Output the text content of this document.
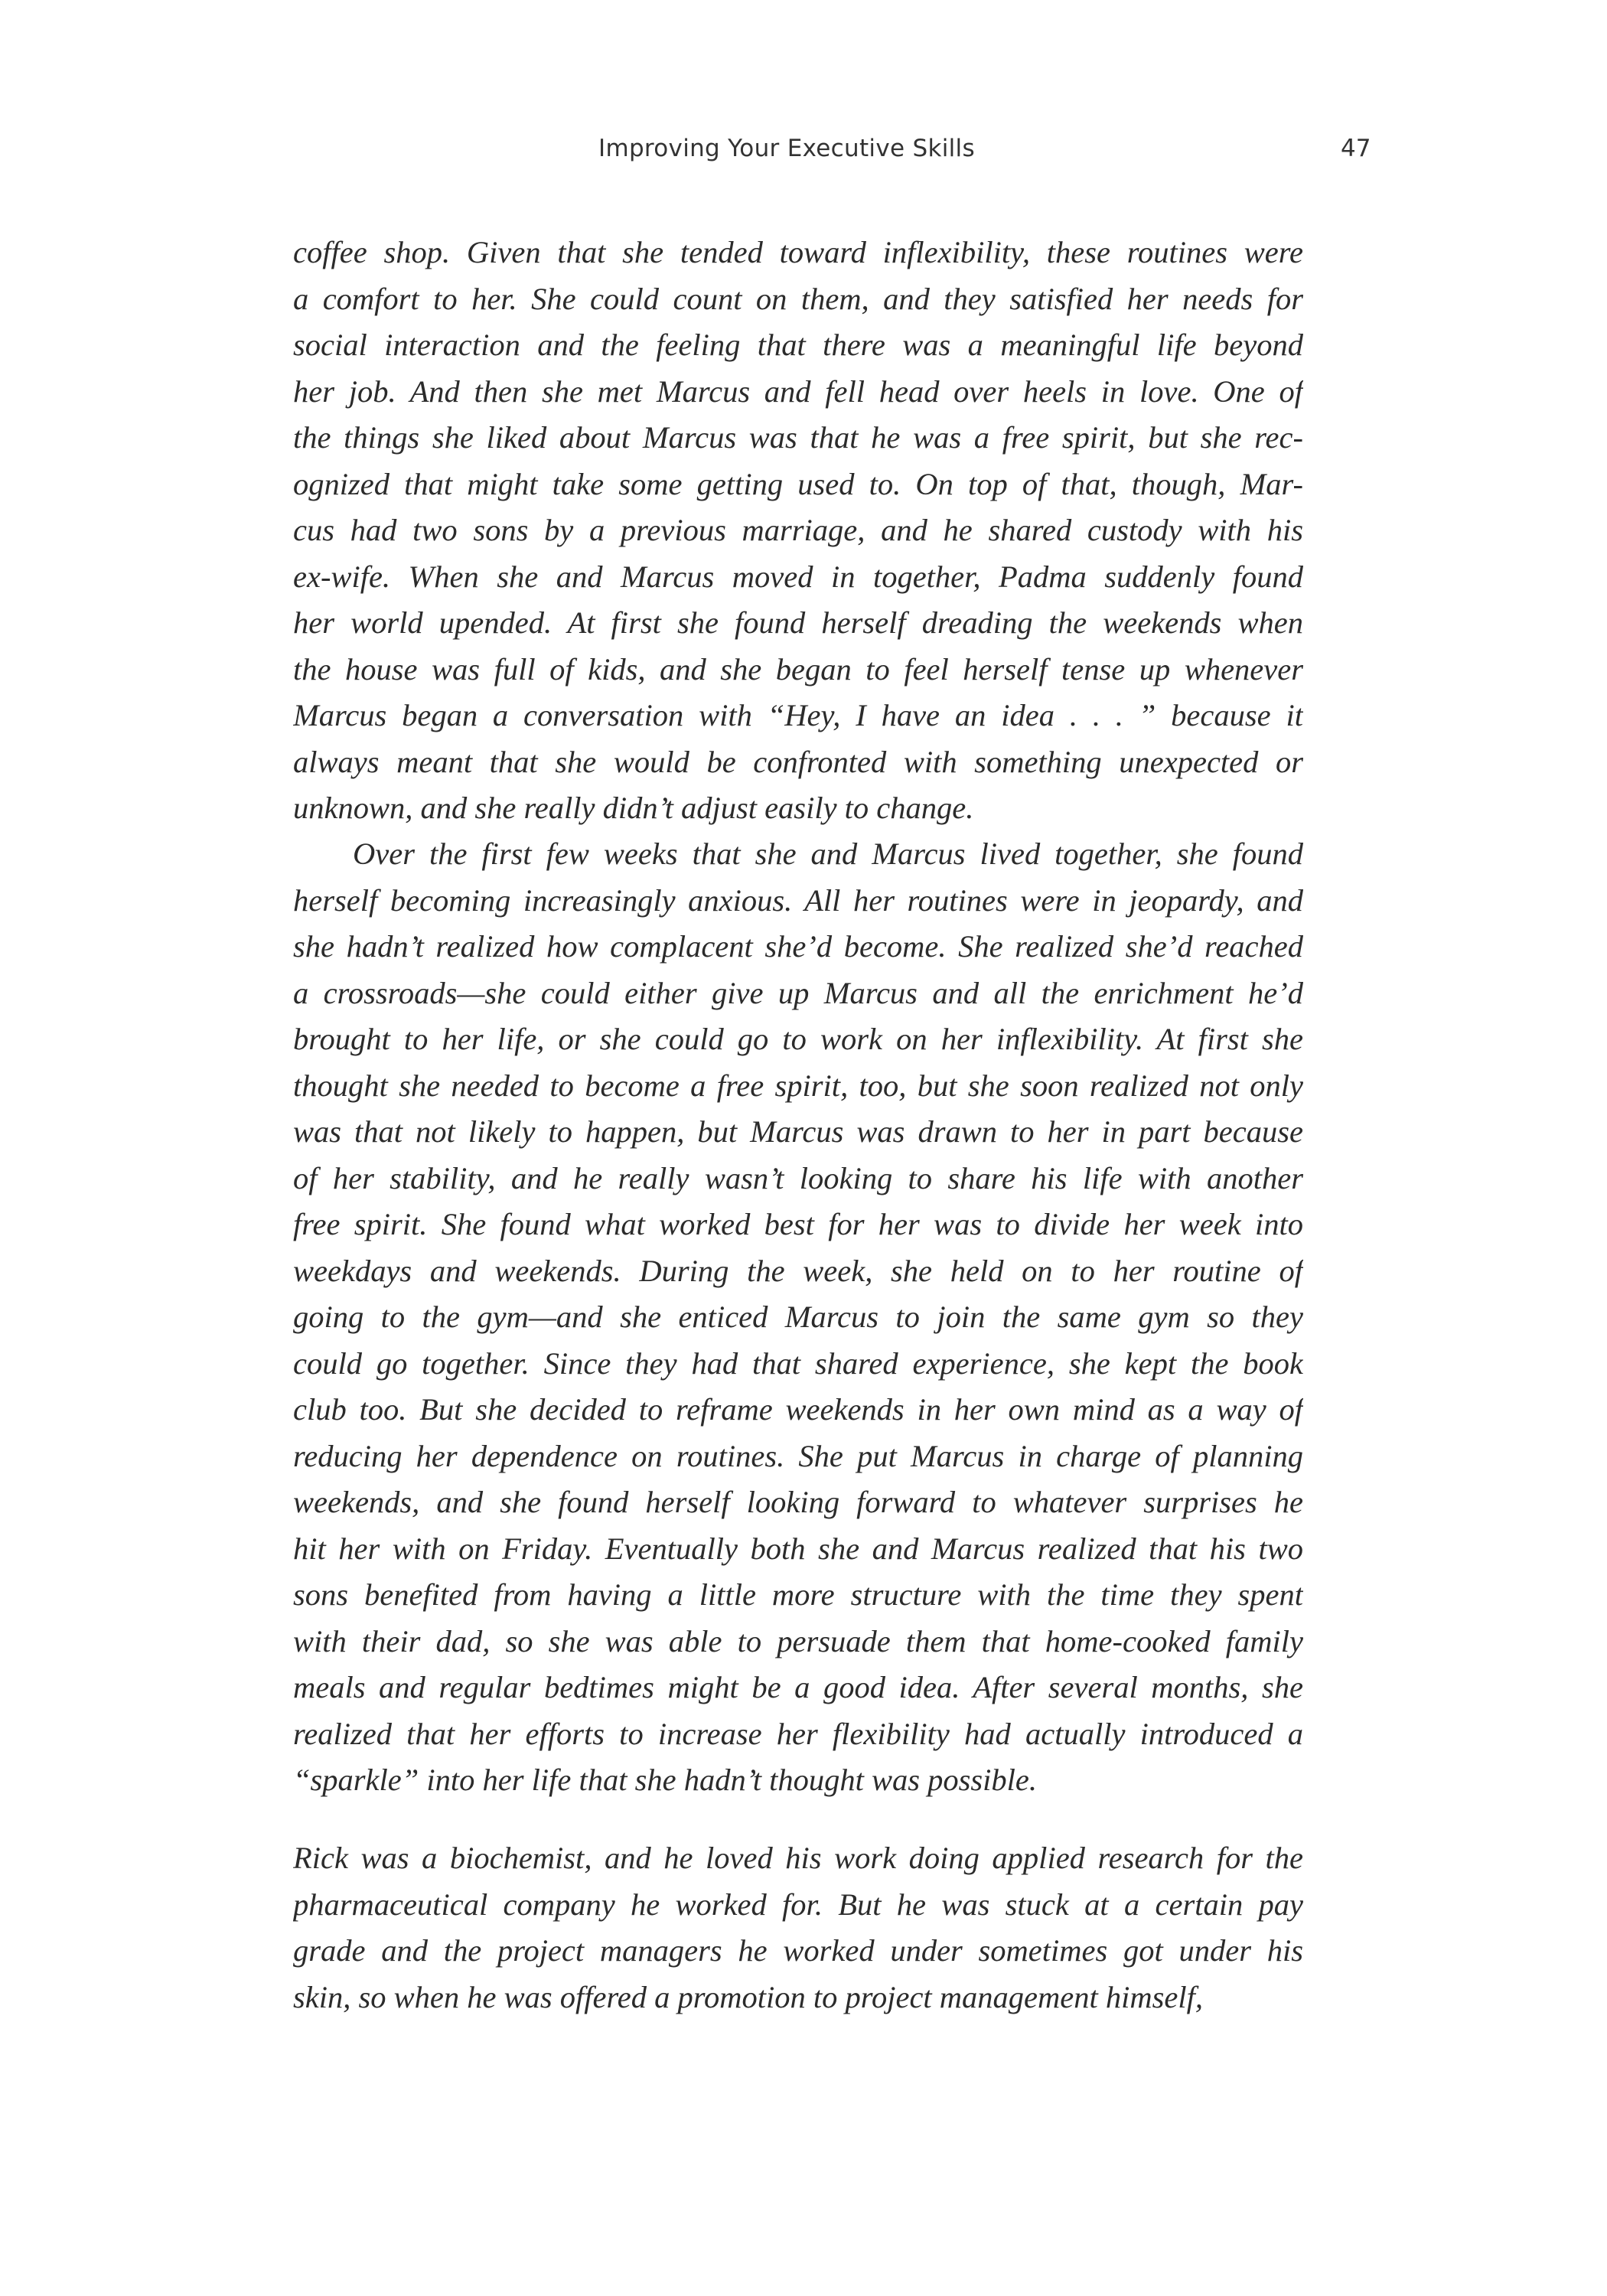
Improving Your Executive Skills	47
coffee shop. Given that she tended toward inflexibility, these routines were
a comfort to her. She could count on them, and they satisfied her needs for
social interaction and the feeling that there was a meaningful life beyond
her job. And then she met Marcus and fell head over heels in love. One of
the things she liked about Marcus was that he was a free spirit, but she rec-
ognized that might take some getting used to. On top of that, though, Mar-
cus had two sons by a previous marriage, and he shared custody with his
ex-wife. When she and Marcus moved in together, Padma suddenly found
her world upended. At first she found herself dreading the weekends when
the house was full of kids, and she began to feel herself tense up whenever
Marcus began a conversation with “Hey, I have an idea . . . ” because it
always meant that she would be confronted with something unexpected or
unknown, and she really didn’t adjust easily to change.
Over the first few weeks that she and Marcus lived together, she found
herself becoming increasingly anxious. All her routines were in jeopardy, and
she hadn’t realized how complacent she’d become. She realized she’d reached
a crossroads—she could either give up Marcus and all the enrichment he’d
brought to her life, or she could go to work on her inflexibility. At first she
thought she needed to become a free spirit, too, but she soon realized not only
was that not likely to happen, but Marcus was drawn to her in part because
of her stability, and he really wasn’t looking to share his life with another
free spirit. She found what worked best for her was to divide her week into
weekdays and weekends. During the week, she held on to her routine of
going to the gym—and she enticed Marcus to join the same gym so they
could go together. Since they had that shared experience, she kept the book
club too. But she decided to reframe weekends in her own mind as a way of
reducing her dependence on routines. She put Marcus in charge of planning
weekends, and she found herself looking forward to whatever surprises he
hit her with on Friday. Eventually both she and Marcus realized that his two
sons benefited from having a little more structure with the time they spent
with their dad, so she was able to persuade them that home-cooked family
meals and regular bedtimes might be a good idea. After several months, she
realized that her efforts to increase her flexibility had actually introduced a
“sparkle” into her life that she hadn’t thought was possible.
Rick was a biochemist, and he loved his work doing applied research for the
pharmaceutical company he worked for. But he was stuck at a certain pay
grade and the project managers he worked under sometimes got under his
skin, so when he was offered a promotion to project management himself,
